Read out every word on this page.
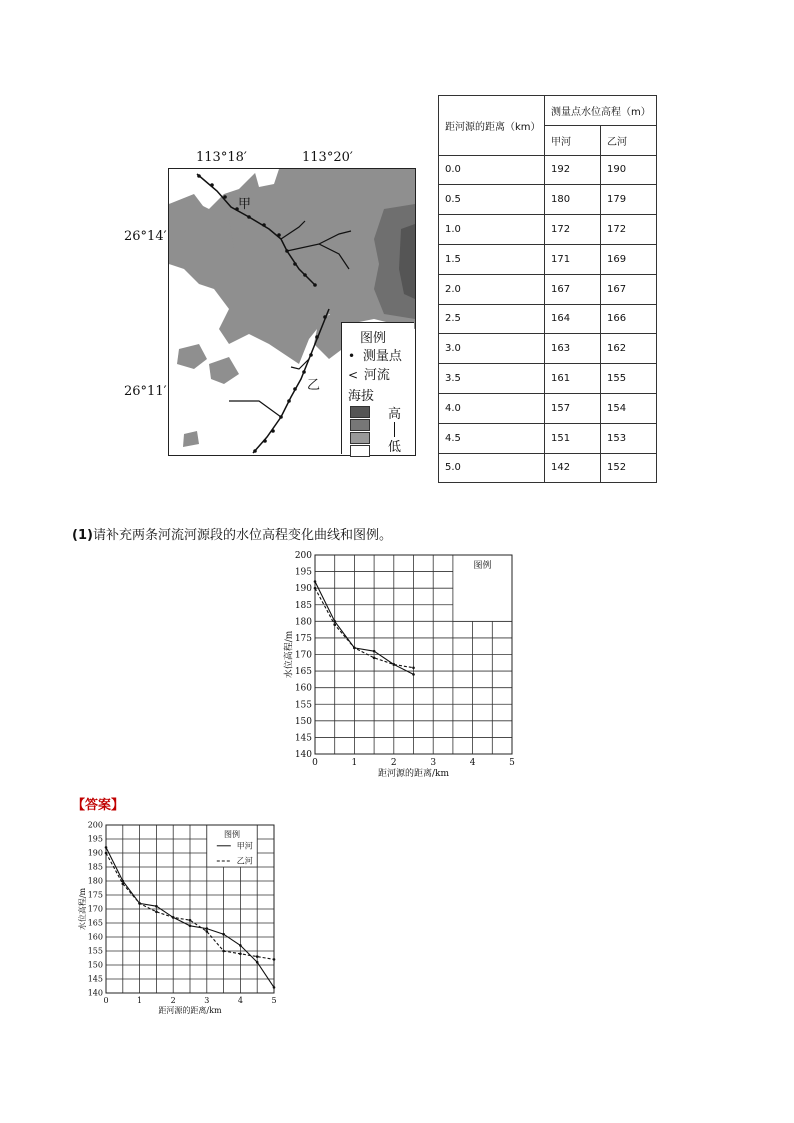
113°18′	113°20′
26°14′
26°11′
甲
乙
图例
• 测量点
< 河流
海拔
高
低
距河源的距离（km）	测量点水位高程（m）	
	甲河	乙河
0.0	192	190
0.5	180	179
1.0	172	172
1.5	171	169
2.0	167	167
2.5	164	166
3.0	163	162
3.5	161	155
4.0	157	154
4.5	151	153
5.0	142	152
(1)请补充两条河流河源段的水位高程变化曲线和图例。
图例
140
145
150
155
160
165
170
175
180
185
190
195
200
0	1	2	3	4	5
距河源的距离/km
水位高程/m
【答案】
图例
甲河
乙河
140
145
150
155
160
165
170
175
180
185
190
195
200
0	1	2	3	4	5
距河源的距离/km
水位高程/m
